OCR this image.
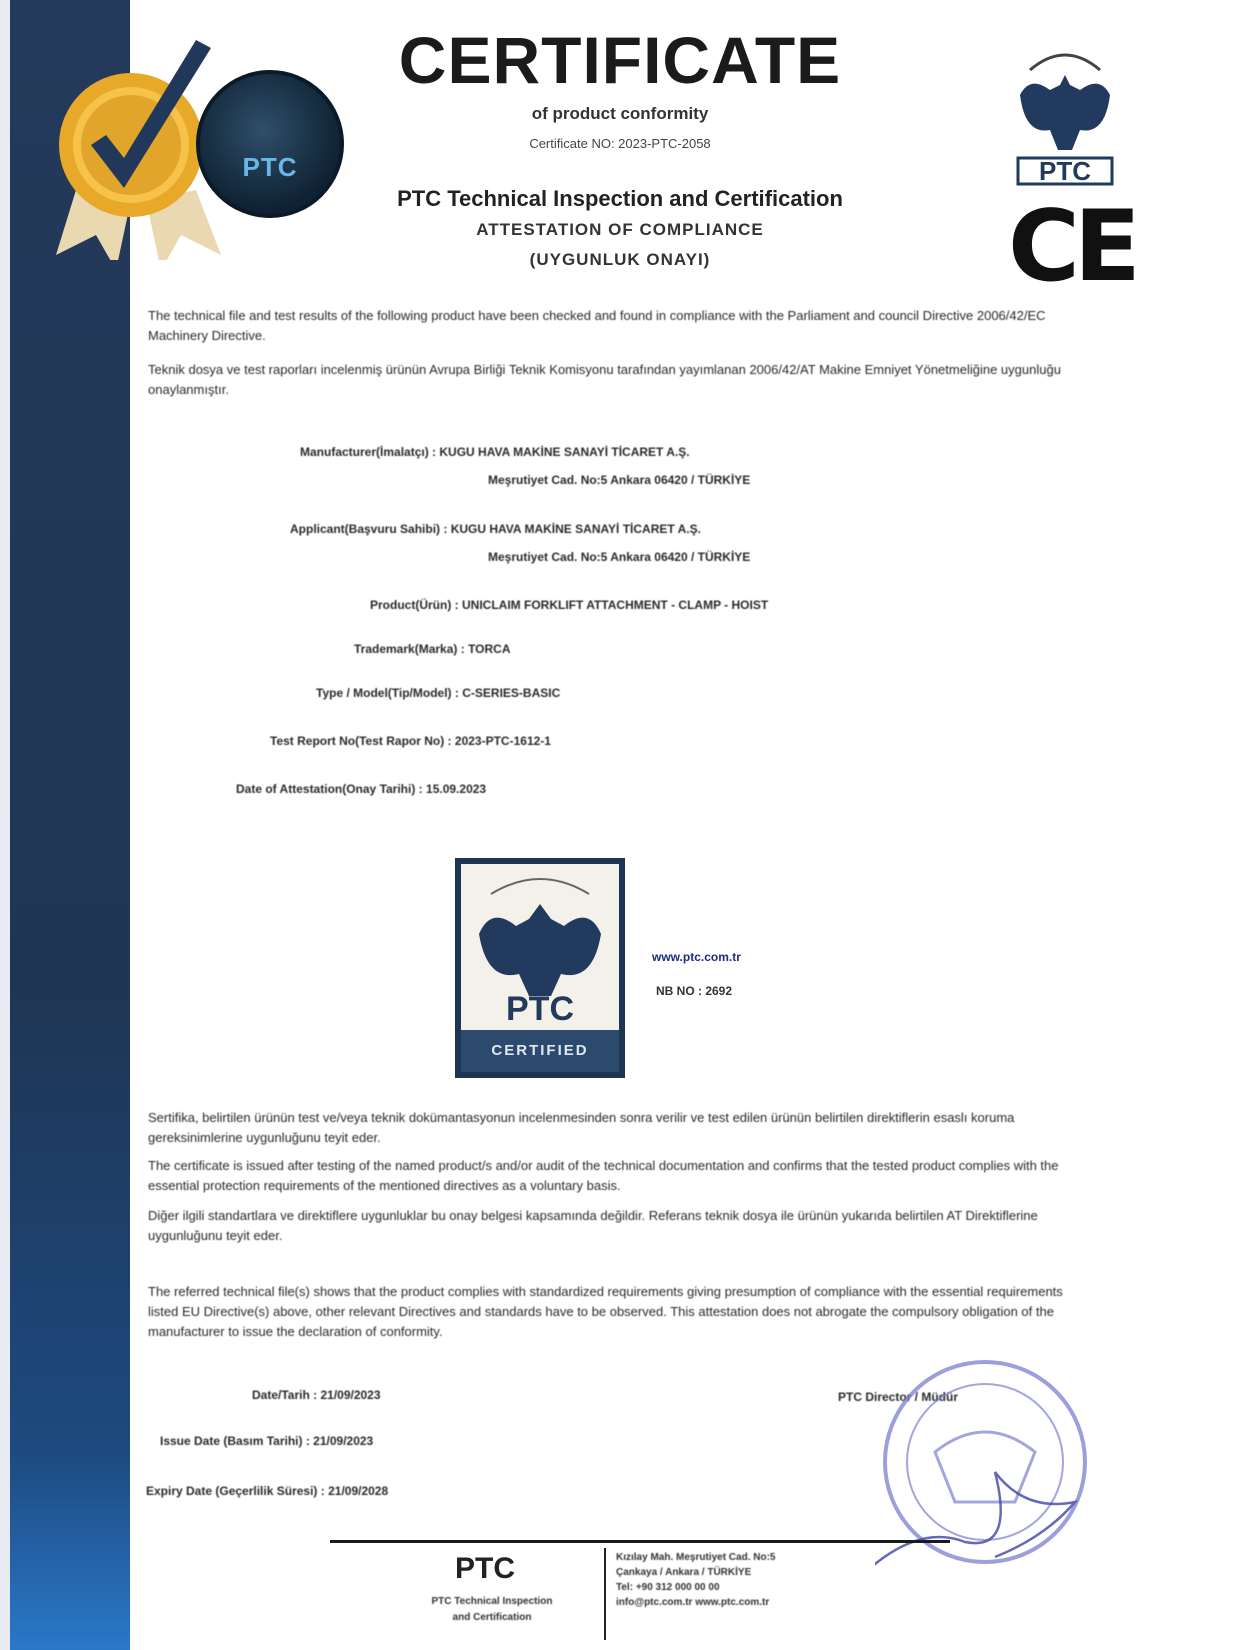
PTC
CERTIFICATE
of product conformity
Certificate NO: 2023-PTC-2058
PTC Technical Inspection and Certification
ATTESTATION OF COMPLIANCE
(UYGUNLUK ONAYI)
PTC
CE
The technical file and test results of the following product have been checked and found in compliance with the Parliament and council Directive 2006/42/EC Machinery Directive.
Teknik dosya ve test raporları incelenmiş ürünün Avrupa Birliği Teknik Komisyonu tarafından yayımlanan 2006/42/AT Makine Emniyet Yönetmeliğine uygunluğu onaylanmıştır.
Manufacturer(İmalatçı) : KUGU HAVA MAKİNE SANAYİ TİCARET A.Ş.
Meşrutiyet Cad. No:5 Ankara 06420 / TÜRKİYE
Applicant(Başvuru Sahibi) : KUGU HAVA MAKİNE SANAYİ TİCARET A.Ş.
Meşrutiyet Cad. No:5 Ankara 06420 / TÜRKİYE
Product(Ürün) : UNICLAIM FORKLIFT ATTACHMENT - CLAMP - HOIST
Trademark(Marka) : TORCA
Type / Model(Tip/Model) : C-SERIES-BASIC
Test Report No(Test Rapor No) : 2023-PTC-1612-1
Date of Attestation(Onay Tarihi) : 15.09.2023
PTC
CERTIFIED
www.ptc.com.tr
NB NO : 2692
Sertifika, belirtilen ürünün test ve/veya teknik dokümantasyonun incelenmesinden sonra verilir ve test edilen ürünün belirtilen direktiflerin esaslı koruma gereksinimlerine uygunluğunu teyit eder.
The certificate is issued after testing of the named product/s and/or audit of the technical documentation and confirms that the tested product complies with the essential protection requirements of the mentioned directives as a voluntary basis.
Diğer ilgili standartlara ve direktiflere uygunluklar bu onay belgesi kapsamında değildir. Referans teknik dosya ile ürünün yukarıda belirtilen AT Direktiflerine uygunluğunu teyit eder.
The referred technical file(s) shows that the product complies with standardized requirements giving presumption of compliance with the essential requirements listed EU Directive(s) above, other relevant Directives and standards have to be observed. This attestation does not abrogate the compulsory obligation of the manufacturer to issue the declaration of conformity.
Date/Tarih : 21/09/2023
Issue Date (Basım Tarihi) : 21/09/2023
Expiry Date (Geçerlilik Süresi) : 21/09/2028
PTC Director / Müdür
PTC
PTC Technical Inspection
and Certification
Kızılay Mah. Meşrutiyet Cad. No:5
Çankaya / Ankara / TÜRKİYE
Tel: +90 312 000 00 00
info@ptc.com.tr www.ptc.com.tr
